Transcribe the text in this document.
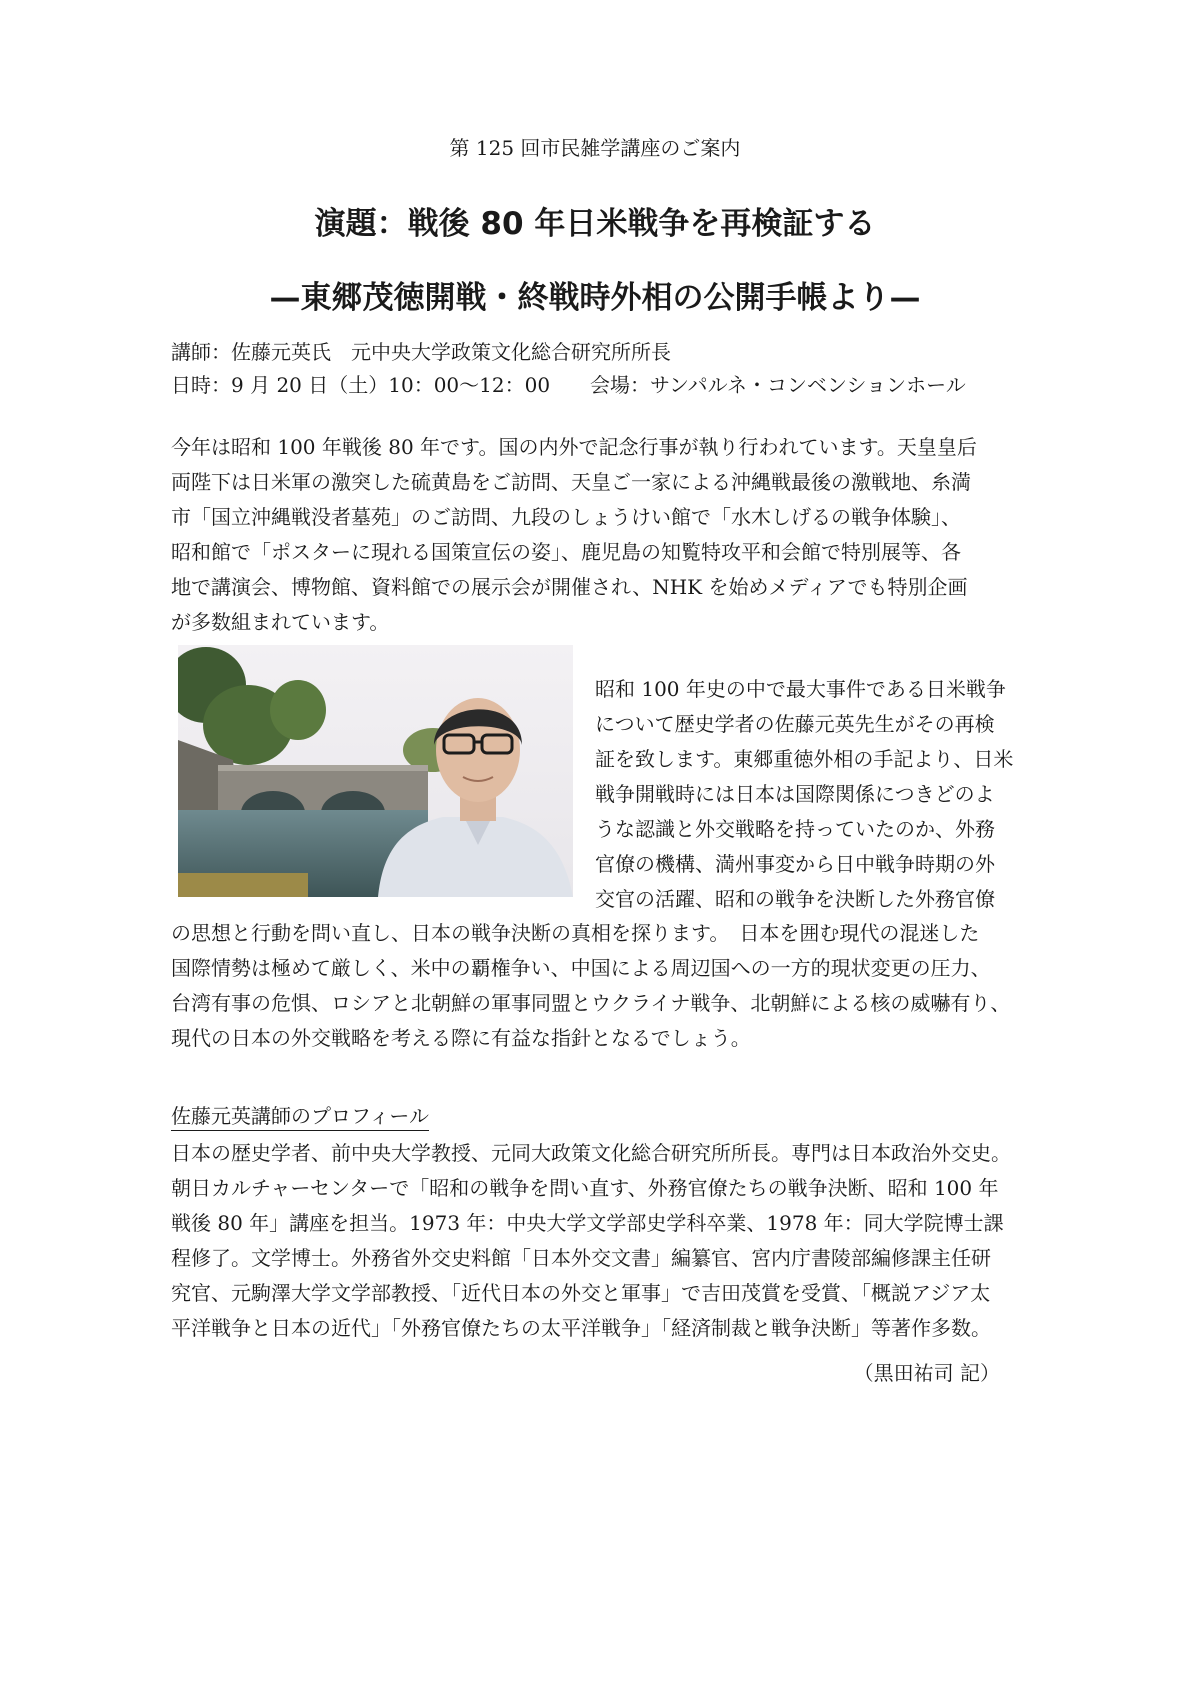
第 125 回市民雑学講座のご案内
演題：戦後 80 年日米戦争を再検証する
—東郷茂徳開戦・終戦時外相の公開手帳より—
講師：佐藤元英氏　元中央大学政策文化総合研究所所長
日時：9 月 20 日（土）10：00〜12：00　　会場：サンパルネ・コンベンションホール
今年は昭和 100 年戦後 80 年です。国の内外で記念行事が執り行われています。天皇皇后
両陛下は日米軍の激突した硫黄島をご訪問、天皇ご一家による沖縄戦最後の激戦地、糸満
市「国立沖縄戦没者墓苑」のご訪問、九段のしょうけい館で「水木しげるの戦争体験」、
昭和館で「ポスターに現れる国策宣伝の姿」、鹿児島の知覧特攻平和会館で特別展等、各
地で講演会、博物館、資料館での展示会が開催され、NHK を始めメディアでも特別企画
が多数組まれています。
昭和 100 年史の中で最大事件である日米戦争
について歴史学者の佐藤元英先生がその再検
証を致します。東郷重徳外相の手記より、日米
戦争開戦時には日本は国際関係につきどのよ
うな認識と外交戦略を持っていたのか、外務
官僚の機構、満州事変から日中戦争時期の外
交官の活躍、昭和の戦争を決断した外務官僚
の思想と行動を問い直し、日本の戦争決断の真相を探ります。　日本を囲む現代の混迷した
国際情勢は極めて厳しく、米中の覇権争い、中国による周辺国への一方的現状変更の圧力、
台湾有事の危惧、ロシアと北朝鮮の軍事同盟とウクライナ戦争、北朝鮮による核の威嚇有り、
現代の日本の外交戦略を考える際に有益な指針となるでしょう。
佐藤元英講師のプロフィール
日本の歴史学者、前中央大学教授、元同大政策文化総合研究所所長。専門は日本政治外交史。
朝日カルチャーセンターで「昭和の戦争を問い直す、外務官僚たちの戦争決断、昭和 100 年
戦後 80 年」講座を担当。1973 年：中央大学文学部史学科卒業、1978 年：同大学院博士課
程修了。文学博士。外務省外交史料館「日本外交文書」編纂官、宮内庁書陵部編修課主任研
究官、元駒澤大学文学部教授、「近代日本の外交と軍事」で吉田茂賞を受賞、「概説アジア太
平洋戦争と日本の近代」「外務官僚たちの太平洋戦争」「経済制裁と戦争決断」等著作多数。
（黒田祐司 記）
